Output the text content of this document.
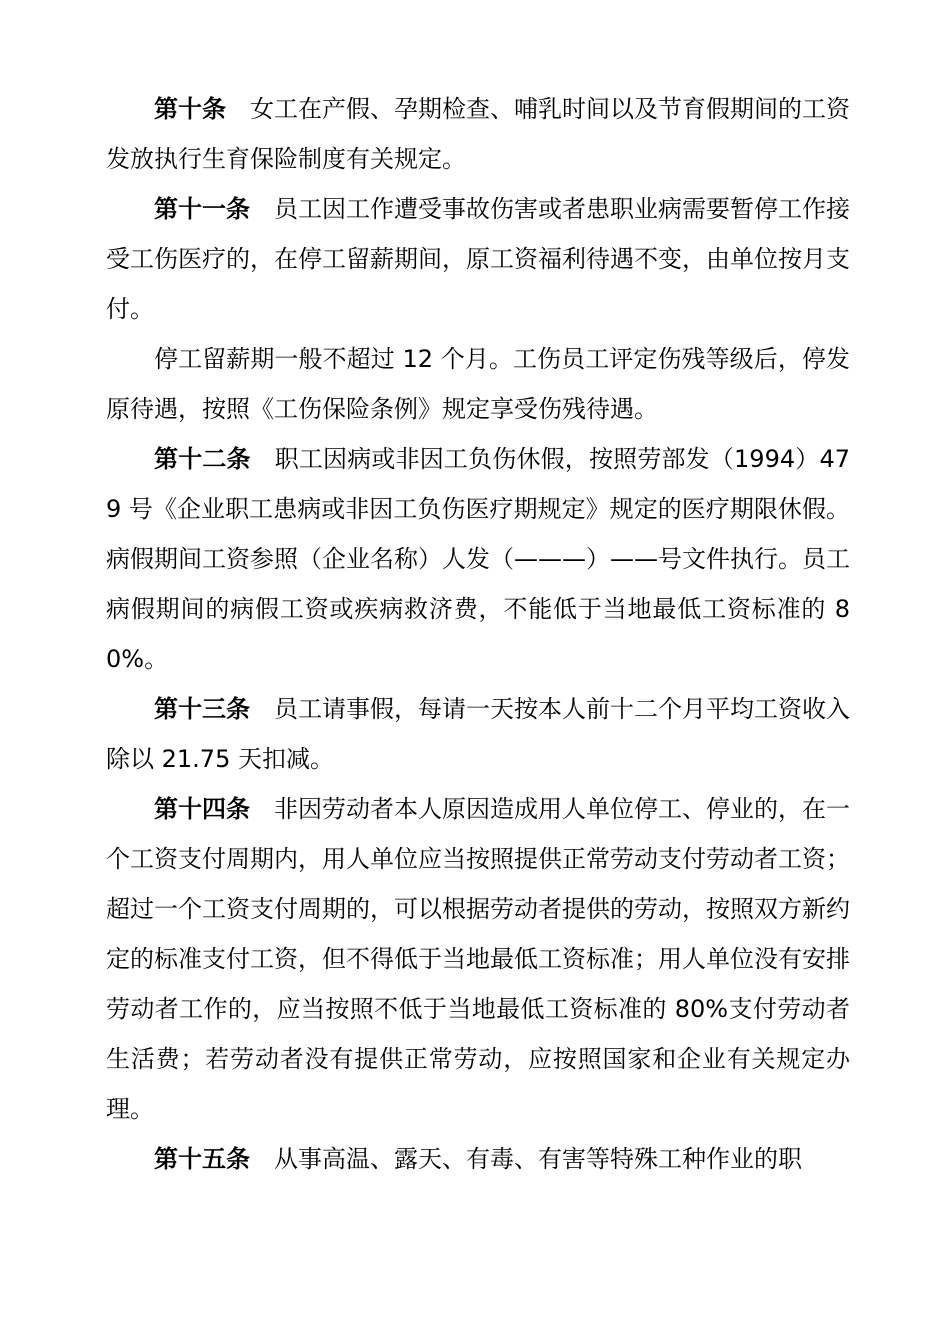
第十条 女工在产假、孕期检查、哺乳时间以及节育假期间的工资发放执行生育保险制度有关规定。

第十一条 员工因工作遭受事故伤害或者患职业病需要暂停工作接受工伤医疗的，在停工留薪期间，原工资福利待遇不变，由单位按月支付。

停工留薪期一般不超过 12 个月。工伤员工评定伤残等级后，停发原待遇，按照《工伤保险条例》规定享受伤残待遇。

第十二条 职工因病或非因工负伤休假，按照劳部发（1994）479 号《企业职工患病或非因工负伤医疗期规定》规定的医疗期限休假。病假期间工资参照（企业名称）人发（———）——号文件执行。员工病假期间的病假工资或疾病救济费，不能低于当地最低工资标准的 80%。

第十三条 员工请事假，每请一天按本人前十二个月平均工资收入除以 21.75 天扣减。

第十四条 非因劳动者本人原因造成用人单位停工、停业的，在一个工资支付周期内，用人单位应当按照提供正常劳动支付劳动者工资；超过一个工资支付周期的，可以根据劳动者提供的劳动，按照双方新约定的标准支付工资，但不得低于当地最低工资标准；用人单位没有安排劳动者工作的，应当按照不低于当地最低工资标准的 80%支付劳动者生活费；若劳动者没有提供正常劳动，应按照国家和企业有关规定办理。

第十五条 从事高温、露天、有毒、有害等特殊工种作业的职
